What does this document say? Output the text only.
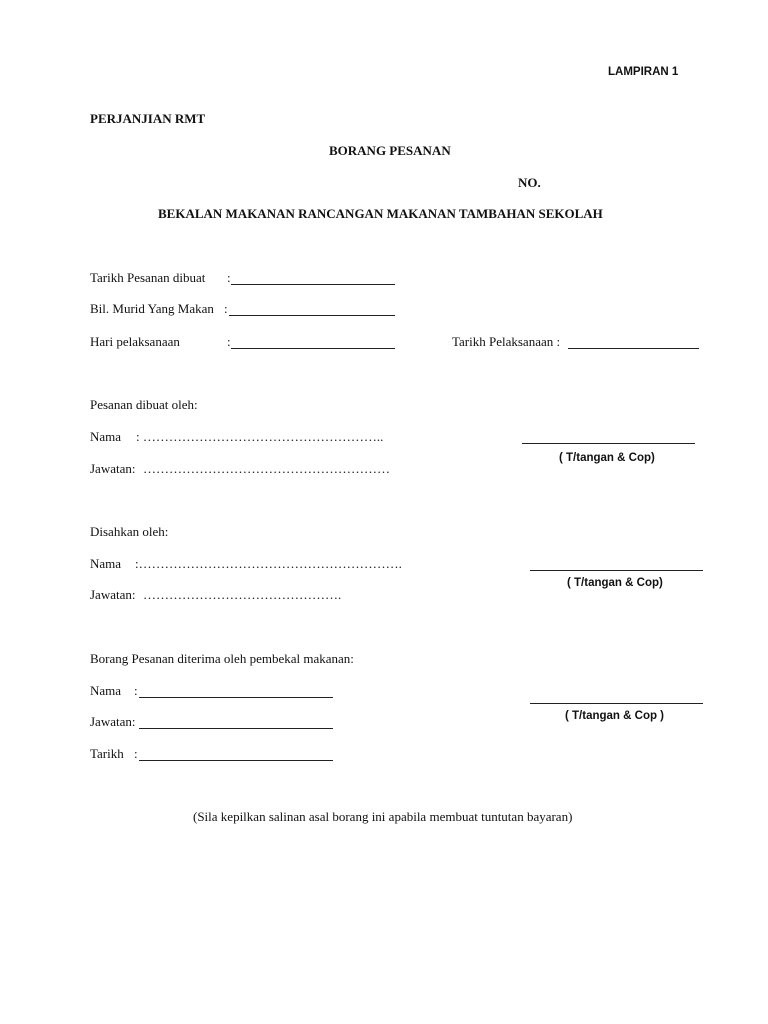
LAMPIRAN 1
PERJANJIAN RMT
BORANG PESANAN
NO.
BEKALAN MAKANAN RANCANGAN MAKANAN TAMBAHAN SEKOLAH
Tarikh Pesanan dibuat :
Bil. Murid Yang Makan :
Hari pelaksanaan	:	Tarikh Pelaksanaan :
Pesanan dibuat oleh:
Nama : ………………………………………………..
Jawatan: …………………………………………………
( T/tangan & Cop)
Disahkan oleh:
Nama :…………………………………………………….
Jawatan: ……………………………………….
( T/tangan & Cop)
Borang Pesanan diterima oleh pembekal makanan:
Nama :
Jawatan:
Tarikh :
( T/tangan & Cop )
(Sila kepilkan salinan asal borang ini apabila membuat tuntutan bayaran)
